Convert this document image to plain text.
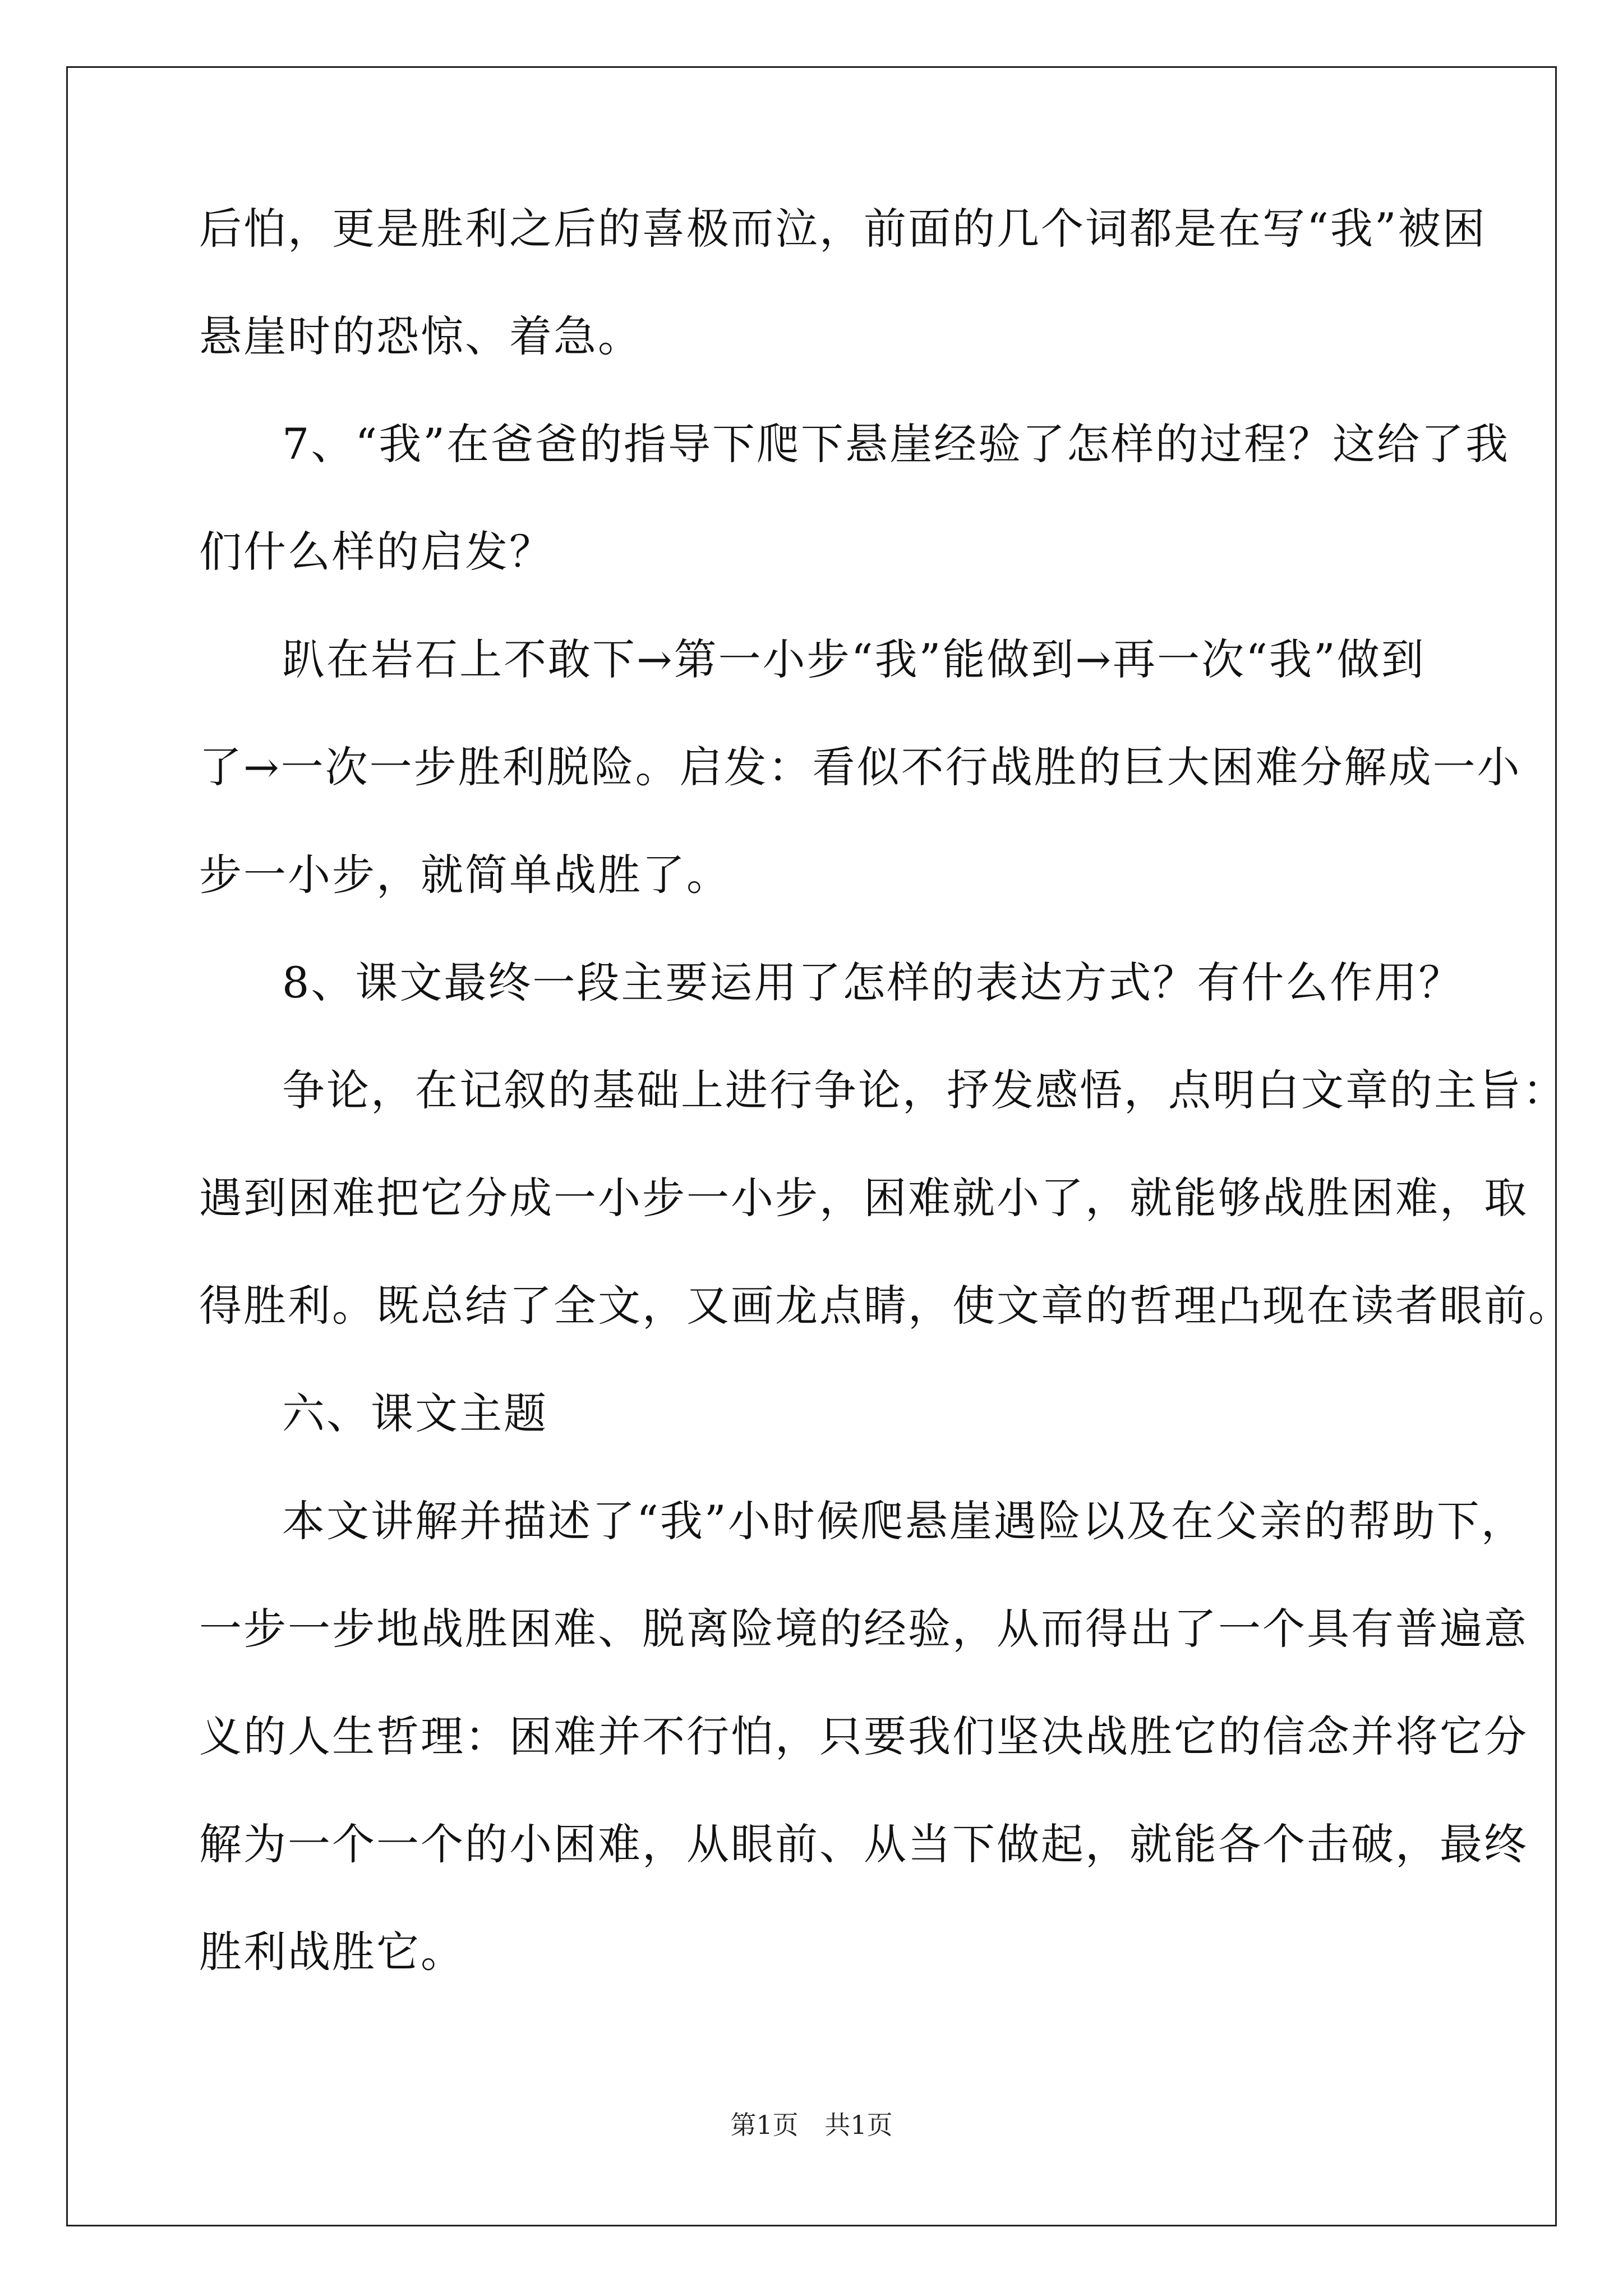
后怕，更是胜利之后的喜极而泣，前面的几个词都是在写“我”被困
悬崖时的恐惊、着急。
7、“我”在爸爸的指导下爬下悬崖经验了怎样的过程？这给了我
们什么样的启发？
趴在岩石上不敢下→第一小步“我”能做到→再一次“我”做到
了→一次一步胜利脱险。启发：看似不行战胜的巨大困难分解成一小
步一小步，就简单战胜了。
8、课文最终一段主要运用了怎样的表达方式？有什么作用？
争论，在记叙的基础上进行争论，抒发感悟，点明白文章的主旨：
遇到困难把它分成一小步一小步，困难就小了，就能够战胜困难，取
得胜利。既总结了全文，又画龙点睛，使文章的哲理凸现在读者眼前。
六、课文主题
本文讲解并描述了“我”小时候爬悬崖遇险以及在父亲的帮助下，
一步一步地战胜困难、脱离险境的经验，从而得出了一个具有普遍意
义的人生哲理：困难并不行怕，只要我们坚决战胜它的信念并将它分
解为一个一个的小困难，从眼前、从当下做起，就能各个击破，最终
胜利战胜它。
第1页 共1页
